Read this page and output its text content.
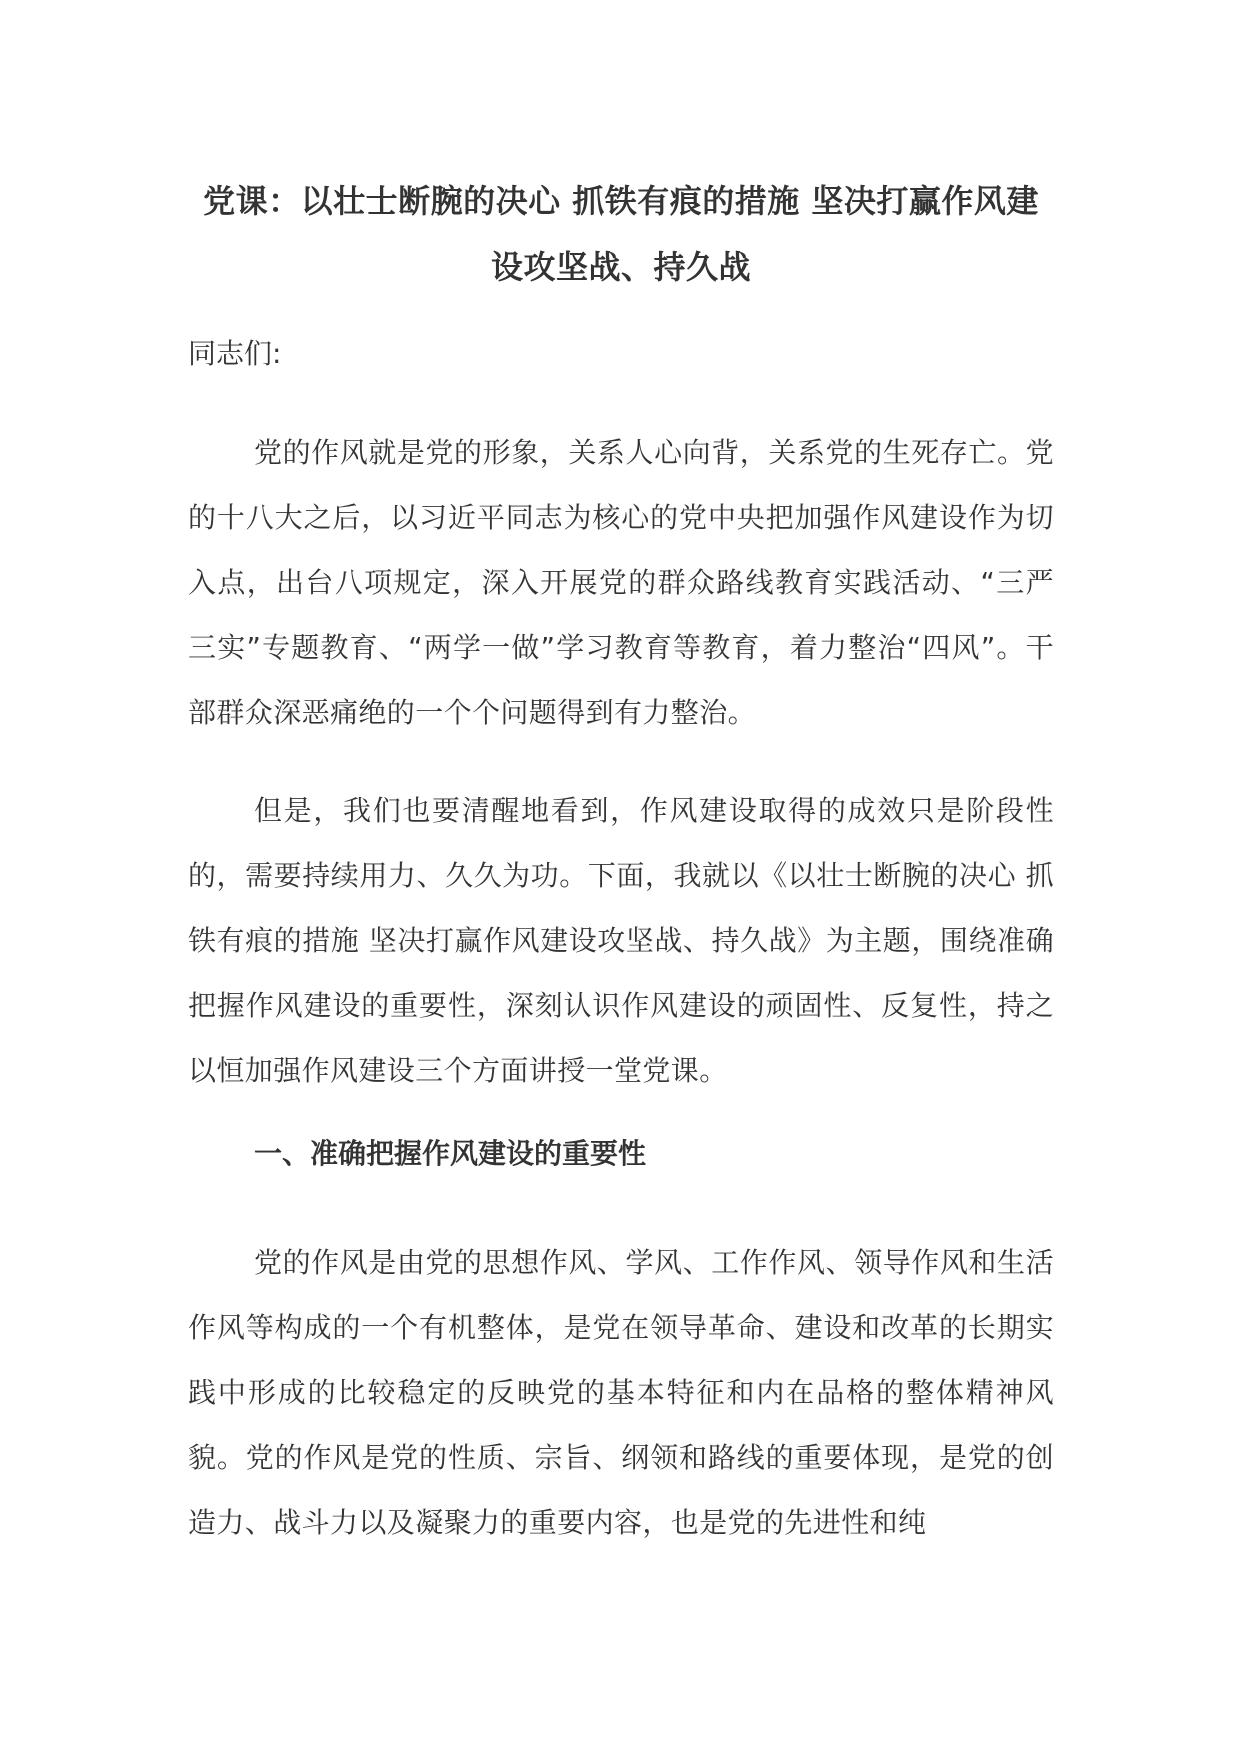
党课：以壮士断腕的决心 抓铁有痕的措施 坚决打赢作风建设攻坚战、持久战

同志们:

党的作风就是党的形象，关系人心向背，关系党的生死存亡。党的十八大之后，以习近平同志为核心的党中央把加强作风建设作为切入点，出台八项规定，深入开展党的群众路线教育实践活动、“三严三实”专题教育、“两学一做”学习教育等教育，着力整治“四风”。干部群众深恶痛绝的一个个问题得到有力整治。

但是，我们也要清醒地看到，作风建设取得的成效只是阶段性的，需要持续用力、久久为功。下面，我就以《以壮士断腕的决心 抓铁有痕的措施 坚决打赢作风建设攻坚战、持久战》为主题，围绕准确把握作风建设的重要性，深刻认识作风建设的顽固性、反复性，持之以恒加强作风建设三个方面讲授一堂党课。

一、准确把握作风建设的重要性

党的作风是由党的思想作风、学风、工作作风、领导作风和生活作风等构成的一个有机整体，是党在领导革命、建设和改革的长期实践中形成的比较稳定的反映党的基本特征和内在品格的整体精神风貌。党的作风是党的性质、宗旨、纲领和路线的重要体现，是党的创造力、战斗力以及凝聚力的重要内容，也是党的先进性和纯
